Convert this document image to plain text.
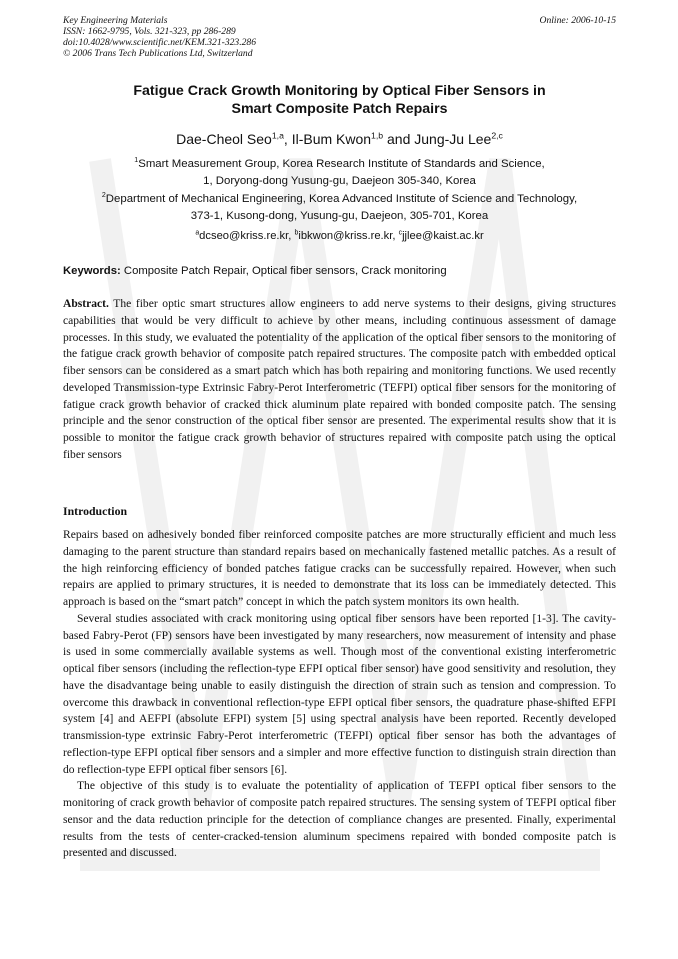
Key Engineering Materials
ISSN: 1662-9795, Vols. 321-323, pp 286-289
doi:10.4028/www.scientific.net/KEM.321-323.286
© 2006 Trans Tech Publications Ltd, Switzerland
Online: 2006-10-15
Fatigue Crack Growth Monitoring by Optical Fiber Sensors in
Smart Composite Patch Repairs
Dae-Cheol Seo$^{1,a}$, Il-Bum Kwon$^{1,b}$ and Jung-Ju Lee$^{2,c}$
$^1$Smart Measurement Group, Korea Research Institute of Standards and Science,
1, Doryong-dong Yusung-gu, Daejeon 305-340, Korea
$^2$Department of Mechanical Engineering, Korea Advanced Institute of Science and Technology,
373-1, Kusong-dong, Yusung-gu, Daejeon, 305-701, Korea
$^a$dcseo@kriss.re.kr, $^b$ibkwon@kriss.re.kr, $^c$jjlee@kaist.ac.kr
Keywords: Composite Patch Repair, Optical fiber sensors, Crack monitoring
Abstract. The fiber optic smart structures allow engineers to add nerve systems to their designs, giving structures capabilities that would be very difficult to achieve by other means, including continuous assessment of damage processes. In this study, we evaluated the potentiality of the application of the optical fiber sensors to the monitoring of the fatigue crack growth behavior of composite patch repaired structures. The composite patch with embedded optical fiber sensors can be considered as a smart patch which has both repairing and monitoring functions. We used recently developed Transmission-type Extrinsic Fabry-Perot Interferometric (TEFPI) optical fiber sensors for the monitoring of fatigue crack growth behavior of cracked thick aluminum plate repaired with bonded composite patch. The sensing principle and the senor construction of the optical fiber sensor are presented. The experimental results show that it is possible to monitor the fatigue crack growth behavior of structures repaired with composite patch using the optical fiber sensors
Introduction

Repairs based on adhesively bonded fiber reinforced composite patches are more structurally efficient and much less damaging to the parent structure than standard repairs based on mechanically fastened metallic patches. As a result of the high reinforcing efficiency of bonded patches fatigue cracks can be successfully repaired. However, when such repairs are applied to primary structures, it is needed to demonstrate that its loss can be immediately detected. This approach is based on the “smart patch” concept in which the patch system monitors its own health.

Several studies associated with crack monitoring using optical fiber sensors have been reported [1-3]. The cavity-based Fabry-Perot (FP) sensors have been investigated by many researchers, now measurement of intensity and phase is used in some commercially available systems as well. Though most of the conventional existing interferometric optical fiber sensors (including the reflection-type EFPI optical fiber sensor) have good sensitivity and resolution, they have the disadvantage being unable to easily distinguish the direction of strain such as tension and compression. To overcome this drawback in conventional reflection-type EFPI optical fiber sensors, the quadrature phase-shifted EFPI system [4] and AEFPI (absolute EFPI) system [5] using spectral analysis have been reported. Recently developed transmission-type extrinsic Fabry-Perot interferometric (TEFPI) optical fiber sensor has both the advantages of reflection-type EFPI optical fiber sensors and a simpler and more effective function to distinguish strain direction than do reflection-type EFPI optical fiber sensors [6].

The objective of this study is to evaluate the potentiality of application of TEFPI optical fiber sensors to the monitoring of crack growth behavior of composite patch repaired structures. The sensing system of TEFPI optical fiber sensor and the data reduction principle for the detection of compliance changes are presented. Finally, experimental results from the tests of center-cracked-tension aluminum specimens repaired with bonded composite patch is presented and discussed.
